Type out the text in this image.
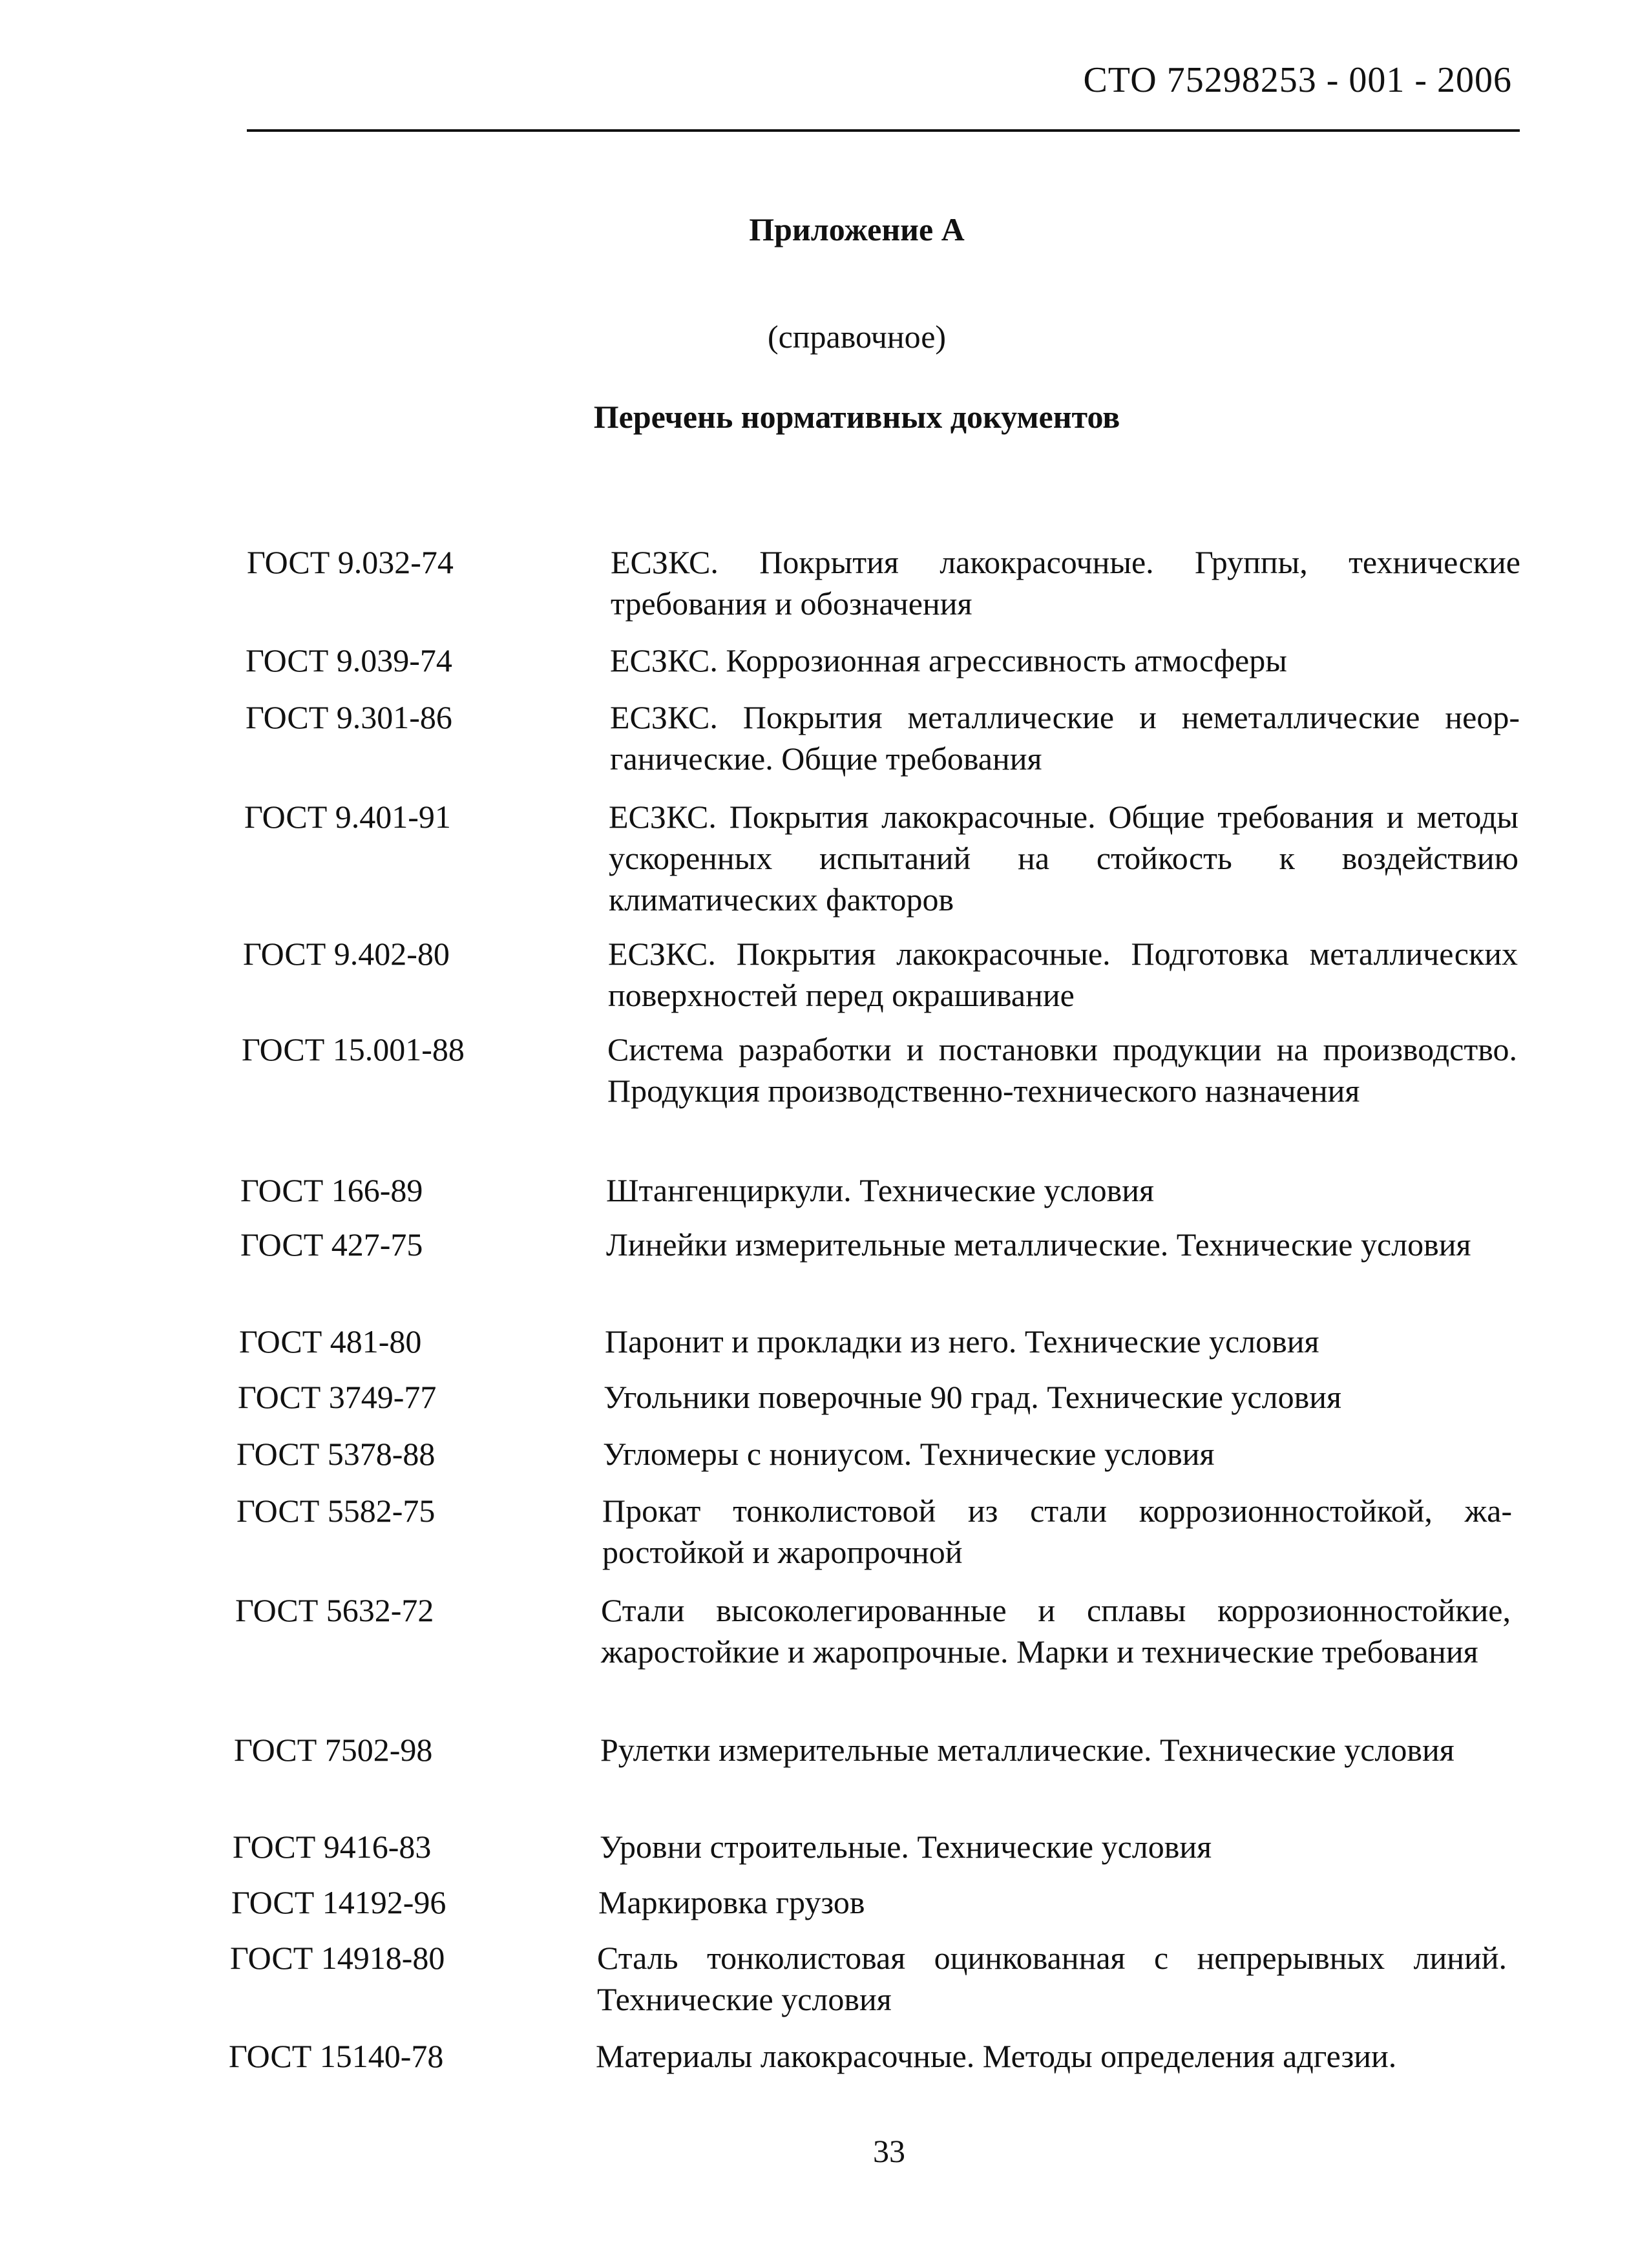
СТО 75298253 - 001 - 2006
Приложение А
(справочное)
Перечень нормативных документов
ГОСТ 9.032-74	ЕСЗКС. Покрытия лакокрасочные. Группы, технические требования и обозначения
ГОСТ 9.039-74	ЕСЗКС. Коррозионная агрессивность атмосферы
ГОСТ 9.301-86	ЕСЗКС. Покрытия металлические и неметаллические неорганические. Общие требования
ГОСТ 9.401-91	ЕСЗКС. Покрытия лакокрасочные. Общие требования и методы ускоренных испытаний на стойкость к воздействию климатических факторов
ГОСТ 9.402-80	ЕСЗКС. Покрытия лакокрасочные. Подготовка металлических поверхностей перед окрашивание
ГОСТ 15.001-88	Система разработки и постановки продукции на производство. Продукция производственно-технического назначения
ГОСТ 166-89	Штангенциркули. Технические условия
ГОСТ 427-75	Линейки измерительные металлические. Технические условия
ГОСТ 481-80	Паронит и прокладки из него. Технические условия
ГОСТ 3749-77	Угольники поверочные 90 град. Технические условия
ГОСТ 5378-88	Угломеры с нониусом. Технические условия
ГОСТ 5582-75	Прокат тонколистовой из стали коррозионностойкой, жаростойкой и жаропрочной
ГОСТ 5632-72	Стали высоколегированные и сплавы коррозионностойкие, жаростойкие и жаропрочные. Марки и технические требования
ГОСТ 7502-98	Рулетки измерительные металлические. Технические условия
ГОСТ 9416-83	Уровни строительные. Технические условия
ГОСТ 14192-96	Маркировка грузов
ГОСТ 14918-80	Сталь тонколистовая оцинкованная с непрерывных линий. Технические условия
ГОСТ 15140-78	Материалы лакокрасочные. Методы определения адгезии.
33
